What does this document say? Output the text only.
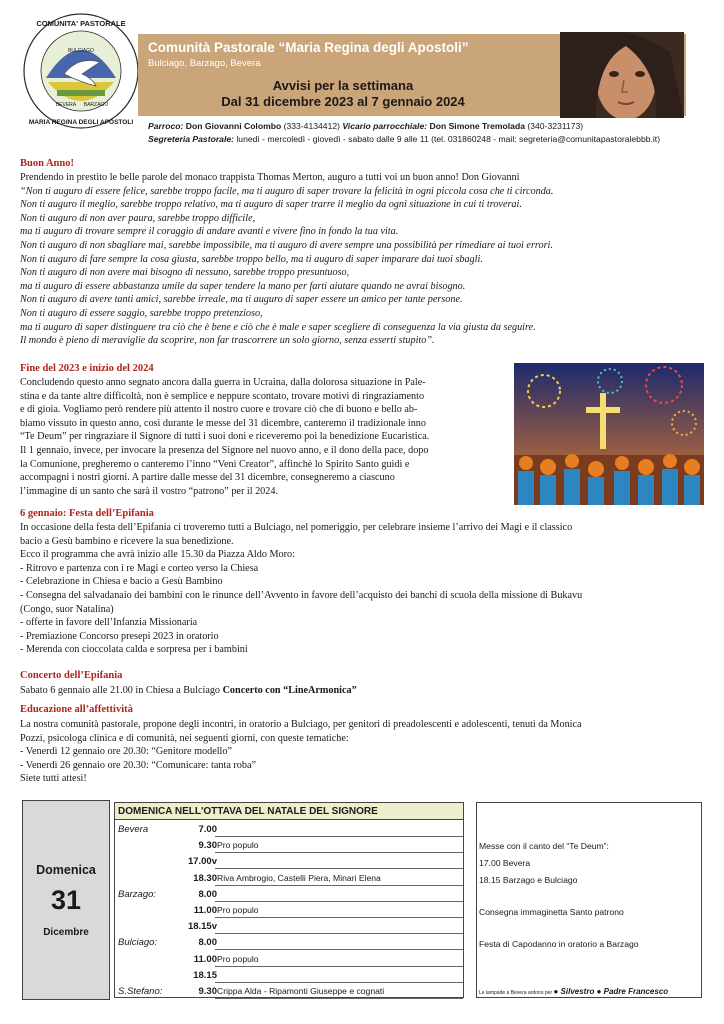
COMUNITA' PASTORALE
MARIA REGINA DEGLI APOSTOLI
BULCIAGO
BEVERA BARZAGO
Comunità Pastorale “Maria Regina degli Apostoli”
Bulciago, Barzago, Bevera
Avvisi per la settimana
Dal 31 dicembre 2023 al 7 gennaio 2024
Parroco: Don Giovanni Colombo (333-4134412) Vicario parrocchiale: Don Simone Tremolada (340-3231173)
Segreteria Pastorale: lunedì - mercoledì - giovedì - sabato dalle 9 alle 11 (tel. 031860248 - mail: segreteria@comunitapastoralebbb.it)
Buon Anno!
Prendendo in prestito le belle parole del monaco trappista Thomas Merton, auguro a tutti voi un buon anno! Don Giovanni
“Non ti auguro di essere felice, sarebbe troppo facile, ma ti auguro di saper trovare la felicità in ogni piccola cosa che ti circonda.
Non ti auguro il meglio, sarebbe troppo relativo, ma ti auguro di saper trarre il meglio da ogni situazione in cui ti troverai.
Non ti auguro di non aver paura, sarebbe troppo difficile,
ma ti auguro di trovare sempre il coraggio di andare avanti e vivere fino in fondo la tua vita.
Non ti auguro di non sbagliare mai, sarebbe impossibile, ma ti auguro di avere sempre una possibilità per rimediare ai tuoi errori.
Non ti auguro di fare sempre la cosa giusta, sarebbe troppo bello, ma ti auguro di saper imparare dai tuoi sbagli.
Non ti auguro di non avere mai bisogno di nessuno, sarebbe troppo presuntuoso,
ma ti auguro di essere abbastanza umile da saper tendere la mano per farti aiutare quando ne avrai bisogno.
Non ti auguro di avere tanti amici, sarebbe irreale, ma ti auguro di saper essere un amico per tante persone.
Non ti auguro di essere saggio, sarebbe troppo pretenzioso,
ma ti auguro di saper distinguere tra ciò che è bene e ciò che è male e saper scegliere di conseguenza la via giusta da seguire.
Il mondo è pieno di meraviglie da scoprire, non far trascorrere un solo giorno, senza esserti stupito”.
Fine del 2023 e inizio del 2024
Concludendo questo anno segnato ancora dalla guerra in Ucraina, dalla dolorosa situazione in Pale-
stina e da tante altre difficoltà, non è semplice e neppure scontato, trovare motivi di ringraziamento
e di gioia. Vogliamo però rendere più attento il nostro cuore e trovare ciò che di buono e bello ab-
biamo vissuto in questo anno, così durante le messe del 31 dicembre, canteremo il tradizionale inno
“Te Deum” per ringraziare il Signore di tutti i suoi doni e riceveremo poi la benedizione Eucaristica.
Il 1 gennaio, invece, per invocare la presenza del Signore nel nuovo anno, e il dono della pace, dopo
la Comunione, pregheremo o canteremo l’inno “Veni Creator”, affinchè lo Spirito Santo guidi e
accompagni i nostri giorni. A partire dalle messe del 31 dicembre, consegneremo a ciascuno
l’immagine di un santo che sarà il vostro “patrono” per il 2024.
6 gennaio: Festa dell’Epifania
In occasione della festa dell’Epifania ci troveremo tutti a Bulciago, nel pomeriggio, per celebrare insieme l’arrivo dei Magi e il classico
bacio a Gesù bambino e ricevere la sua benedizione.
Ecco il programma che avrà inizio alle 15.30 da Piazza Aldo Moro:
- Ritrovo e partenza con i re Magi e corteo verso la Chiesa
- Celebrazione in Chiesa e bacio a Gesù Bambino
- Consegna del salvadanaio dei bambini con le rinunce dell’Avvento in favore dell’acquisto dei banchi di scuola della missione di Bukavu
(Congo, suor Natalina)
- offerte in favore dell’Infanzia Missionaria
- Premiazione Concorso presepi 2023 in oratorio
- Merenda con cioccolata calda e sorpresa per i bambini
Concerto dell’Epifania
Sabato 6 gennaio alle 21.00 in Chiesa a Bulciago Concerto con “LineArmonica”
Educazione all’affettività
La nostra comunità pastorale, propone degli incontri, in oratorio a Bulciago, per genitori di preadolescenti e adolescenti, tenuti da Monica
Pozzi, psicologa clinica e di comunità, nei seguenti giorni, con queste tematiche:
- Venerdì 12 gennaio ore 20.30: “Genitore modello”
- Venerdì 26 gennaio ore 20.30: “Comunicare: tanta roba”
Siete tutti attesi!
Domenica
31
Dicembre
DOMENICA NELL'OTTAVA DEL NATALE DEL SIGNORE
Bevera	7.00
9.30 Pro populo
17.00v
18.30 Riva Ambrogio, Castelli Piera, Minari Elena
Barzago:	8.00
11.00 Pro populo
18.15v
Bulciago:	8.00
11.00 Pro populo
18.15
S.Stefano:	9.30 Crippa Alda - Ripamonti Giuseppe e cognati	Le lampade a Bevera ardono per ● Silvestro ● Padre Francesco
Messe con il canto del “Te Deum”:
17.00 Bevera
18.15 Barzago e Bulciago
Consegna immaginetta Santo patrono
Festa di Capodanno in oratorio a Barzago
